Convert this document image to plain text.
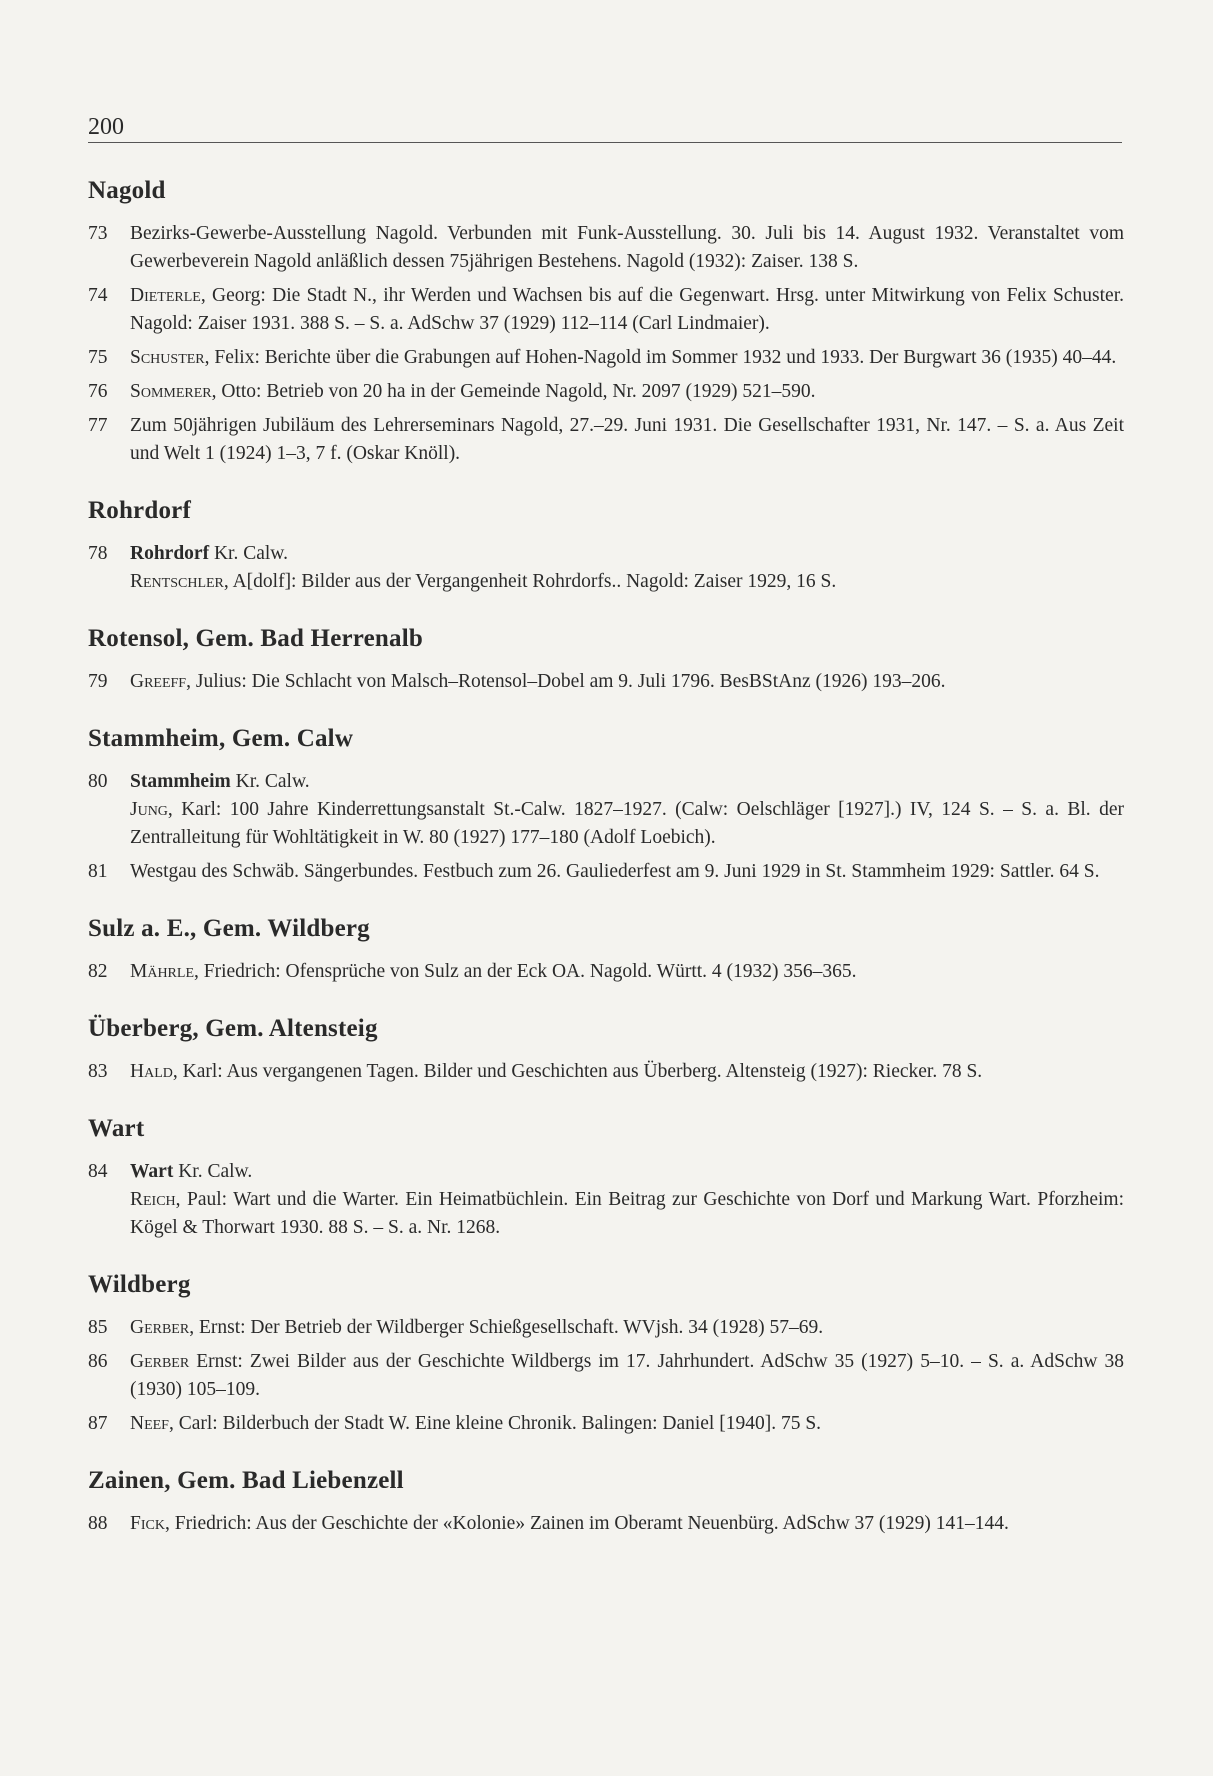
200
Nagold
73 Bezirks-Gewerbe-Ausstellung Nagold. Verbunden mit Funk-Ausstellung. 30. Juli bis 14. August 1932. Veranstaltet vom Gewerbeverein Nagold anläßlich dessen 75jährigen Bestehens. Nagold (1932): Zaiser. 138 S.
74 Dieterle, Georg: Die Stadt N., ihr Werden und Wachsen bis auf die Gegenwart. Hrsg. unter Mitwirkung von Felix Schuster. Nagold: Zaiser 1931. 388 S. – S. a. AdSchw 37 (1929) 112–114 (Carl Lindmaier).
75 Schuster, Felix: Berichte über die Grabungen auf Hohen-Nagold im Sommer 1932 und 1933. Der Burgwart 36 (1935) 40–44.
76 Sommerer, Otto: Betrieb von 20 ha in der Gemeinde Nagold, Nr. 2097 (1929) 521–590.
77 Zum 50jährigen Jubiläum des Lehrerseminars Nagold, 27.–29. Juni 1931. Die Gesellschafter 1931, Nr. 147. – S. a. Aus Zeit und Welt 1 (1924) 1–3, 7 f. (Oskar Knöll).
Rohrdorf
78 Rohrdorf Kr. Calw.
Rentschler, A[dolf]: Bilder aus der Vergangenheit Rohrdorfs.. Nagold: Zaiser 1929, 16 S.
Rotensol, Gem. Bad Herrenalb
79 Greeff, Julius: Die Schlacht von Malsch–Rotensol–Dobel am 9. Juli 1796. BesBStAnz (1926) 193–206.
Stammheim, Gem. Calw
80 Stammheim Kr. Calw.
Jung, Karl: 100 Jahre Kinderrettungsanstalt St.-Calw. 1827–1927. (Calw: Oelschläger [1927].) IV, 124 S. – S. a. Bl. der Zentralleitung für Wohltätigkeit in W. 80 (1927) 177–180 (Adolf Loebich).
81 Westgau des Schwäb. Sängerbundes. Festbuch zum 26. Gauliederfest am 9. Juni 1929 in St. Stammheim 1929: Sattler. 64 S.
Sulz a. E., Gem. Wildberg
82 Mährle, Friedrich: Ofensprüche von Sulz an der Eck OA. Nagold. Württ. 4 (1932) 356–365.
Überberg, Gem. Altensteig
83 Hald, Karl: Aus vergangenen Tagen. Bilder und Geschichten aus Überberg. Altensteig (1927): Riecker. 78 S.
Wart
84 Wart Kr. Calw.
Reich, Paul: Wart und die Warter. Ein Heimatbüchlein. Ein Beitrag zur Geschichte von Dorf und Markung Wart. Pforzheim: Kögel & Thorwart 1930. 88 S. – S. a. Nr. 1268.
Wildberg
85 Gerber, Ernst: Der Betrieb der Wildberger Schießgesellschaft. WVjsh. 34 (1928) 57–69.
86 Gerber Ernst: Zwei Bilder aus der Geschichte Wildbergs im 17. Jahrhundert. AdSchw 35 (1927) 5–10. – S. a. AdSchw 38 (1930) 105–109.
87 Neef, Carl: Bilderbuch der Stadt W. Eine kleine Chronik. Balingen: Daniel [1940]. 75 S.
Zainen, Gem. Bad Liebenzell
88 Fick, Friedrich: Aus der Geschichte der «Kolonie» Zainen im Oberamt Neuenbürg. AdSchw 37 (1929) 141–144.
